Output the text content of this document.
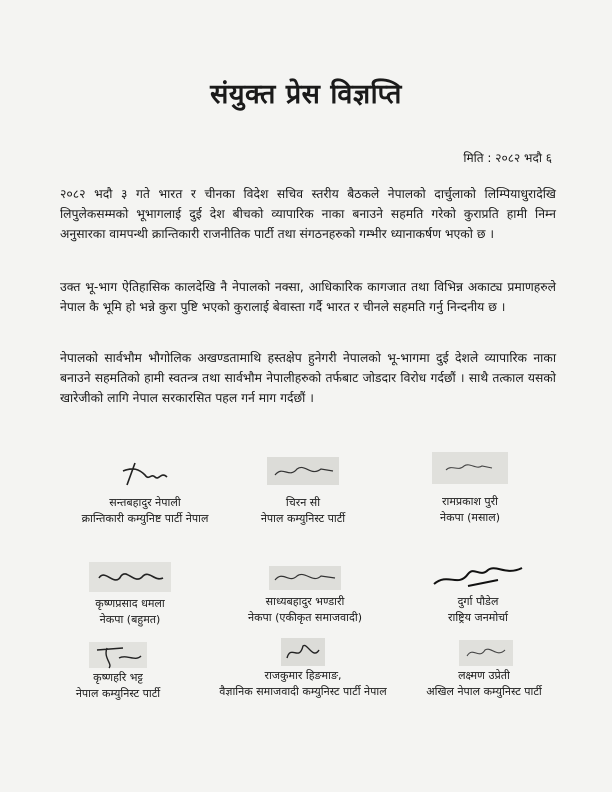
संयुक्त प्रेस विज्ञप्ति
मिति : २०८२ भदौ ६
२०८२ भदौ ३ गते भारत र चीनका विदेश सचिव स्तरीय बैठकले नेपालको दार्चुलाको लिम्पियाधुरादेखि लिपुलेकसम्मको भूभागलाई दुई देश बीचको व्यापारिक नाका बनाउने सहमति गरेको कुराप्रति हामी निम्न अनुसारका वामपन्थी क्रान्तिकारी राजनीतिक पार्टी तथा संगठनहरुको गम्भीर ध्यानाकर्षण भएको छ ।
उक्त भू-भाग ऐतिहासिक कालदेखि नै नेपालको नक्सा, आधिकारिक कागजात तथा विभिन्न अकाट्य प्रमाणहरुले नेपाल कै भूमि हो भन्ने कुरा पुष्टि भएको कुरालाई बेवास्ता गर्दै भारत र चीनले सहमति गर्नु निन्दनीय छ ।
नेपालको सार्वभौम भौगोलिक अखण्डतामाथि हस्तक्षेप हुनेगरी नेपालको भू-भागमा दुई देशले व्यापारिक नाका बनाउने सहमतिको हामी स्वतन्त्र तथा सार्वभौम नेपालीहरुको तर्फबाट जोडदार विरोध गर्दछौं । साथै तत्काल यसको खारेजीको लागि नेपाल सरकारसित पहल गर्न माग गर्दछौं ।
सन्तबहादुर नेपाली
क्रान्तिकारी कम्युनिष्ट पार्टी नेपाल
चिरन सी
नेपाल कम्युनिस्ट पार्टी
रामप्रकाश पुरी
नेकपा (मसाल)
कृष्णप्रसाद धमला
नेकपा (बहुमत)
साध्यबहादुर भण्डारी
नेकपा (एकीकृत समाजवादी)
दुर्गा पौडेल
राष्ट्रिय जनमोर्चा
कृष्णहरि भट्ट
नेपाल कम्युनिस्ट पार्टी
राजकुमार हिङमाङ,
वैज्ञानिक समाजवादी कम्युनिस्ट पार्टी नेपाल
लक्ष्मण उप्रेती
अखिल नेपाल कम्युनिस्ट पार्टी
